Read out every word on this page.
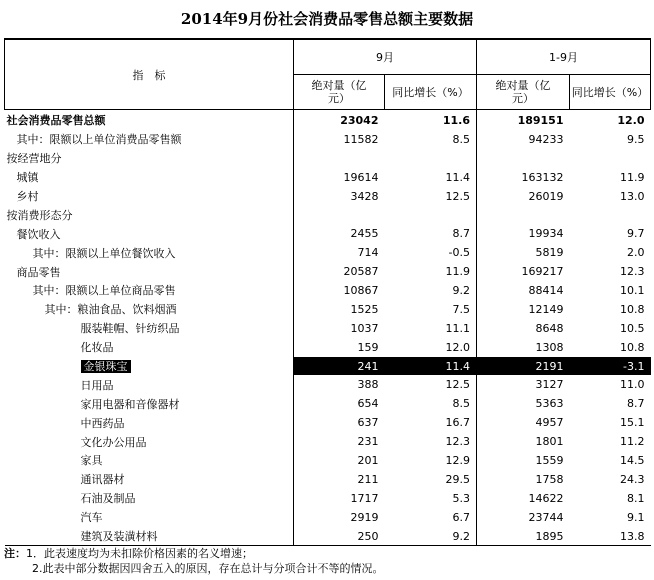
2014年9月份社会消费品零售总额主要数据
指　标	9月		1-9月	
	绝对量（亿元）	同比增长（%）	绝对量（亿元）	同比增长（%）
社会消费品零售总额	23042	11.6	189151	12.0
其中：限额以上单位消费品零售额	11582	8.5	94233	9.5
按经营地分				
城镇	19614	11.4	163132	11.9
乡村	3428	12.5	26019	13.0
按消费形态分				
餐饮收入	2455	8.7	19934	9.7
其中：限额以上单位餐饮收入	714	-0.5	5819	2.0
商品零售	20587	11.9	169217	12.3
其中：限额以上单位商品零售	10867	9.2	88414	10.1
其中：粮油食品、饮料烟酒	1525	7.5	12149	10.8
服装鞋帽、针纺织品	1037	11.1	8648	10.5
化妆品	159	12.0	1308	10.8
金银珠宝	241	11.4	2191	-3.1
日用品	388	12.5	3127	11.0
家用电器和音像器材	654	8.5	5363	8.7
中西药品	637	16.7	4957	15.1
文化办公用品	231	12.3	1801	11.2
家具	201	12.9	1559	14.5
通讯器材	211	29.5	1758	24.3
石油及制品	1717	5.3	14622	8.1
汽车	2919	6.7	23744	9.1
建筑及装潢材料	250	9.2	1895	13.8
注：1．此表速度均为未扣除价格因素的名义增速；
2.此表中部分数据因四舍五入的原因，存在总计与分项合计不等的情况。
